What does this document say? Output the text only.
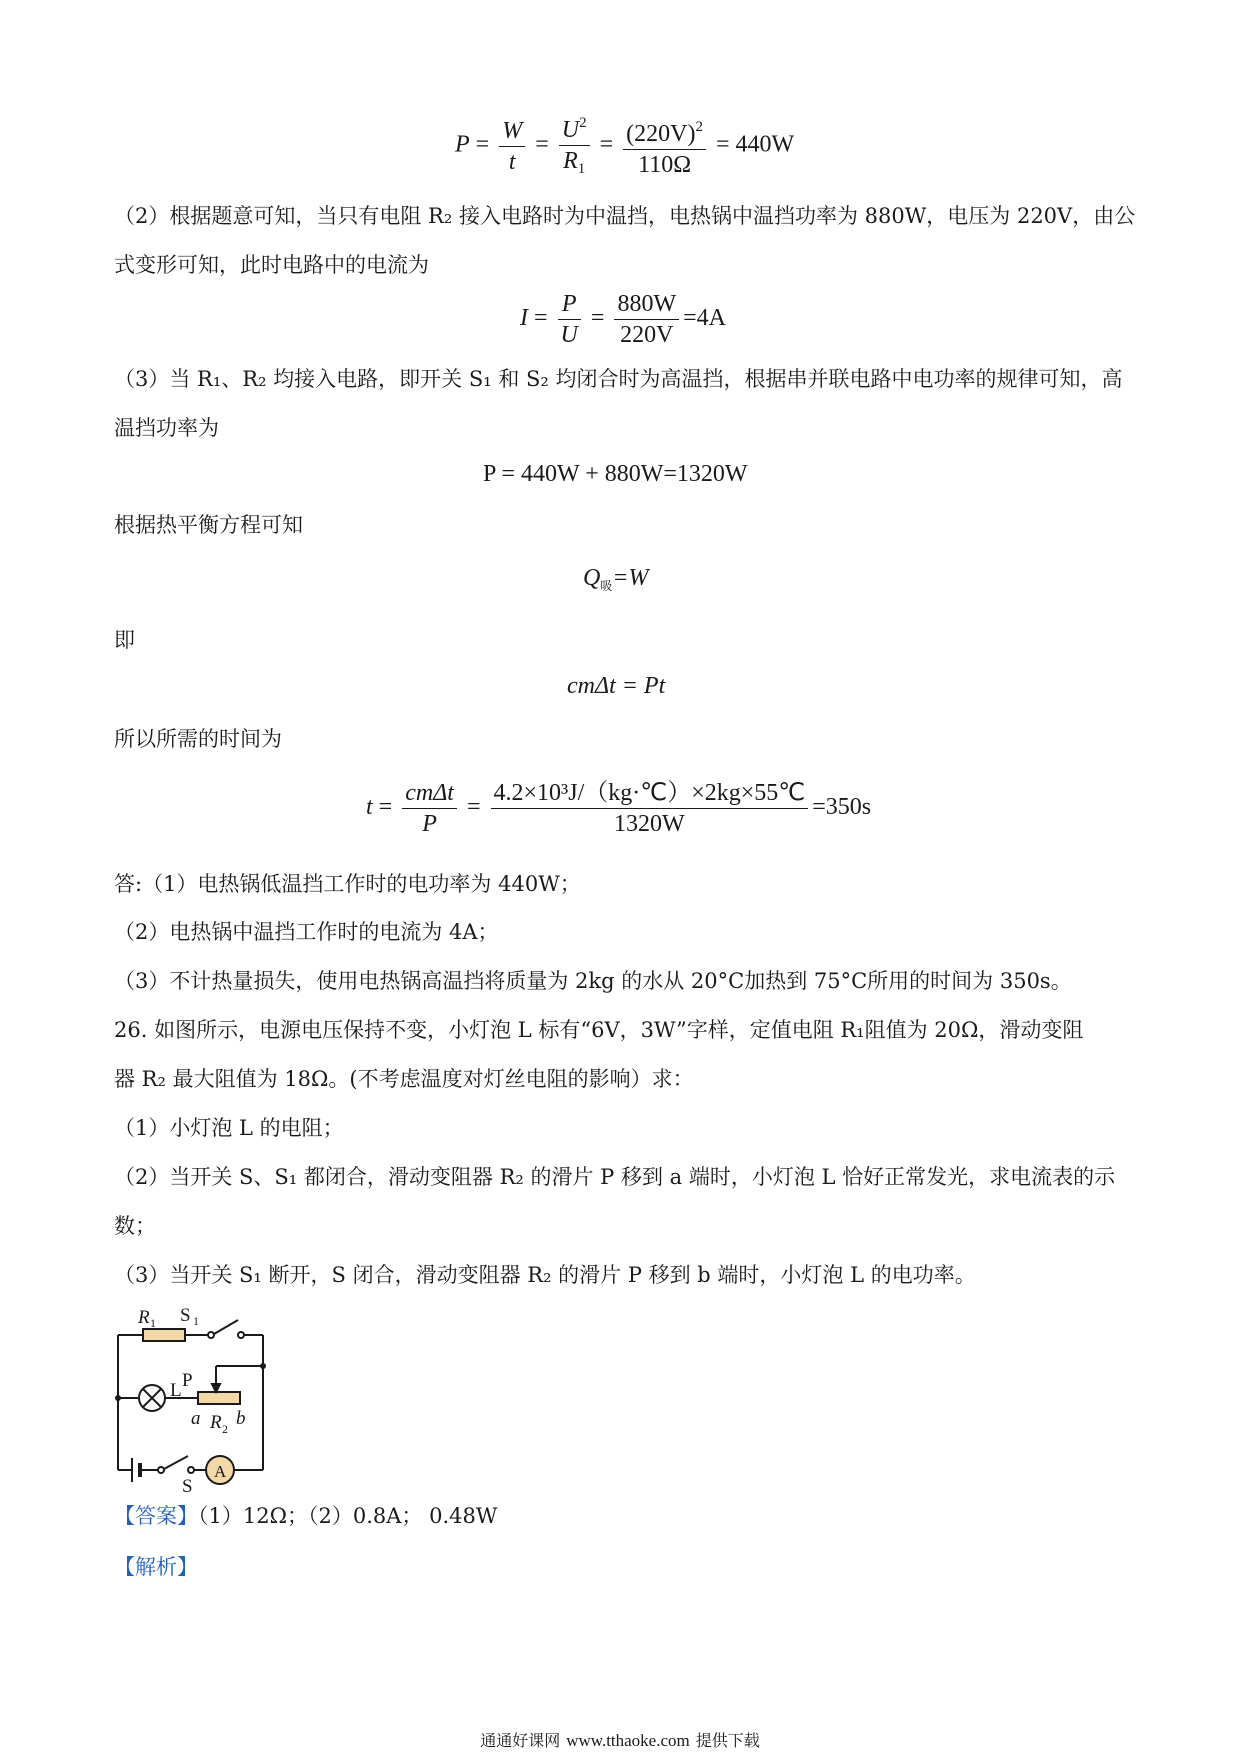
$P = \frac{W}{t} = \frac{U^2}{R_1} = \frac{(220V)^2}{110\Omega} = 440W$
（2）根据题意可知，当只有电阻 R₂ 接入电路时为中温挡，电热锅中温挡功率为 880W，电压为 220V，由公
式变形可知，此时电路中的电流为
$I = \frac{P}{U} = \frac{880W}{220V} =4A$
（3）当 R₁、R₂ 均接入电路，即开关 S₁ 和 S₂ 均闭合时为高温挡，根据串并联电路中电功率的规律可知，高
温挡功率为
P = 440W + 880W=1320W
根据热平衡方程可知
$Q_吸=W$
即
cmΔt = Pt
所以所需的时间为
$t = \frac{\text{cmΔt}}{P} = \frac{\text{4.2×10³J/（kg·℃）×2kg×55℃}}{1320W} =350s$
答:（1）电热锅低温挡工作时的电功率为 440W；
（2）电热锅中温挡工作时的电流为 4A；
（3）不计热量损失，使用电热锅高温挡将质量为 2kg 的水从 20°C加热到 75°C所用的时间为 350s。
26. 如图所示，电源电压保持不变，小灯泡 L 标有“6V，3W”字样，定值电阻 R₁阻值为 20Ω，滑动变阻
器 R₂ 最大阻值为 18Ω。(不考虑温度对灯丝电阻的影响）求：
（1）小灯泡 L 的电阻；
（2）当开关 S、S₁ 都闭合，滑动变阻器 R₂ 的滑片 P 移到 a 端时，小灯泡 L 恰好正常发光，求电流表的示
数；
（3）当开关 S₁ 断开，S 闭合，滑动变阻器 R₂ 的滑片 P 移到 b 端时，小灯泡 L 的电功率。
R 1 S 1
P
L
a R 2 b
S
A
【答案】（1）12Ω；（2）0.8A； 0.48W
【解析】
通通好课网 www.tthaoke.com 提供下载
